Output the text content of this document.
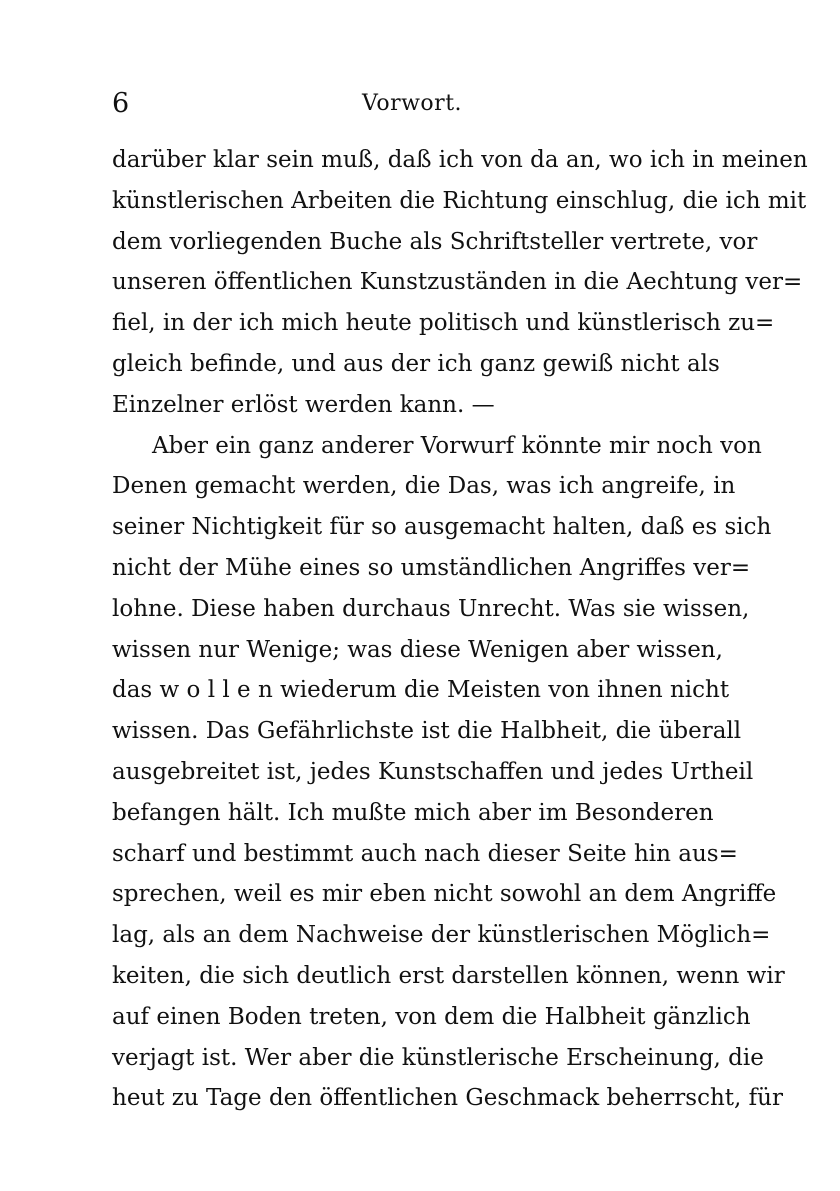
6	Vorwort.
darüber klar sein muß, daß ich von da an, wo ich in meinen
künstlerischen Arbeiten die Richtung einschlug, die ich mit
dem vorliegenden Buche als Schriftsteller vertrete, vor
unseren öffentlichen Kunstzuständen in die Aechtung ver=
fiel, in der ich mich heute politisch und künstlerisch zu=
gleich befinde, und aus der ich ganz gewiß nicht als
Einzelner erlöst werden kann. —
Aber ein ganz anderer Vorwurf könnte mir noch von
Denen gemacht werden, die Das, was ich angreife, in
seiner Nichtigkeit für so ausgemacht halten, daß es sich
nicht der Mühe eines so umständlichen Angriffes ver=
lohne. Diese haben durchaus Unrecht. Was sie wissen,
wissen nur Wenige; was diese Wenigen aber wissen,
das w o l l e n wiederum die Meisten von ihnen nicht
wissen. Das Gefährlichste ist die Halbheit, die überall
ausgebreitet ist, jedes Kunstschaffen und jedes Urtheil
befangen hält. Ich mußte mich aber im Besonderen
scharf und bestimmt auch nach dieser Seite hin aus=
sprechen, weil es mir eben nicht sowohl an dem Angriffe
lag, als an dem Nachweise der künstlerischen Möglich=
keiten, die sich deutlich erst darstellen können, wenn wir
auf einen Boden treten, von dem die Halbheit gänzlich
verjagt ist. Wer aber die künstlerische Erscheinung, die
heut zu Tage den öffentlichen Geschmack beherrscht, für
